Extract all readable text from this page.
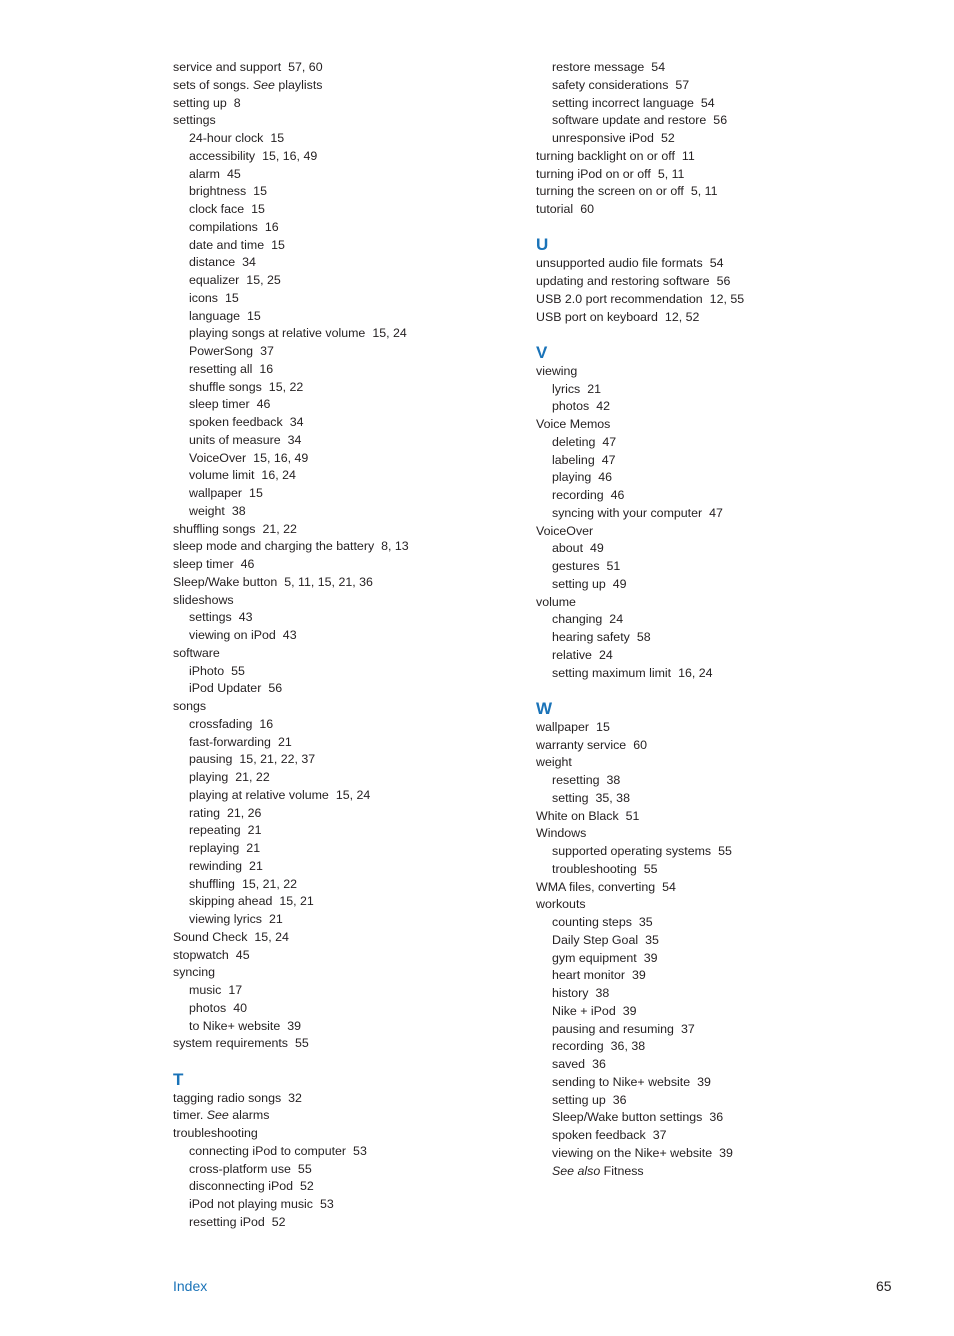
service and support 57, 60
sets of songs. See playlists
setting up 8
settings
24-hour clock 15
accessibility 15, 16, 49
alarm 45
brightness 15
clock face 15
compilations 16
date and time 15
distance 34
equalizer 15, 25
icons 15
language 15
playing songs at relative volume 15, 24
PowerSong 37
resetting all 16
shuffle songs 15, 22
sleep timer 46
spoken feedback 34
units of measure 34
VoiceOver 15, 16, 49
volume limit 16, 24
wallpaper 15
weight 38
shuffling songs 21, 22
sleep mode and charging the battery 8, 13
sleep timer 46
Sleep/Wake button 5, 11, 15, 21, 36
slideshows
settings 43
viewing on iPod 43
software
iPhoto 55
iPod Updater 56
songs
crossfading 16
fast-forwarding 21
pausing 15, 21, 22, 37
playing 21, 22
playing at relative volume 15, 24
rating 21, 26
repeating 21
replaying 21
rewinding 21
shuffling 15, 21, 22
skipping ahead 15, 21
viewing lyrics 21
Sound Check 15, 24
stopwatch 45
syncing
music 17
photos 40
to Nike+ website 39
system requirements 55
T
tagging radio songs 32
timer. See alarms
troubleshooting
connecting iPod to computer 53
cross-platform use 55
disconnecting iPod 52
iPod not playing music 53
resetting iPod 52
restore message 54
safety considerations 57
setting incorrect language 54
software update and restore 56
unresponsive iPod 52
turning backlight on or off 11
turning iPod on or off 5, 11
turning the screen on or off 5, 11
tutorial 60
U
unsupported audio file formats 54
updating and restoring software 56
USB 2.0 port recommendation 12, 55
USB port on keyboard 12, 52
V
viewing
lyrics 21
photos 42
Voice Memos
deleting 47
labeling 47
playing 46
recording 46
syncing with your computer 47
VoiceOver
about 49
gestures 51
setting up 49
volume
changing 24
hearing safety 58
relative 24
setting maximum limit 16, 24
W
wallpaper 15
warranty service 60
weight
resetting 38
setting 35, 38
White on Black 51
Windows
supported operating systems 55
troubleshooting 55
WMA files, converting 54
workouts
counting steps 35
Daily Step Goal 35
gym equipment 39
heart monitor 39
history 38
Nike + iPod 39
pausing and resuming 37
recording 36, 38
saved 36
sending to Nike+ website 39
setting up 36
Sleep/Wake button settings 36
spoken feedback 37
viewing on the Nike+ website 39
See also Fitness
Index	65
